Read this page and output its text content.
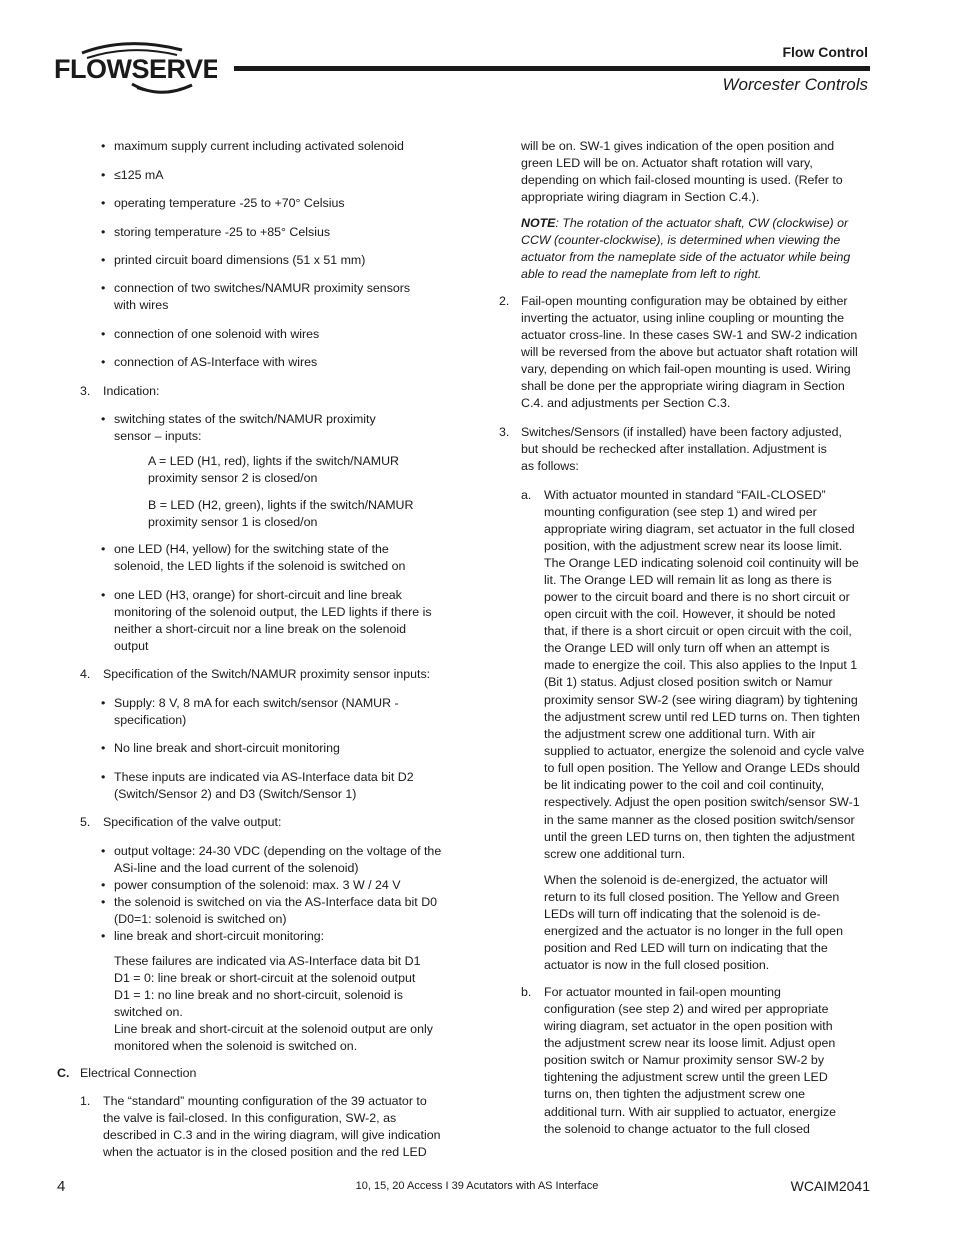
FLOWSERVE
Flow Control
Worcester Controls
• maximum supply current including activated solenoid
• ≤125 mA
• operating temperature -25 to +70° Celsius
• storing temperature -25 to +85° Celsius
• printed circuit board dimensions (51 x 51 mm)
• connection of two switches/NAMUR proximity sensors
with wires
• connection of one solenoid with wires
• connection of AS-Interface with wires
3. Indication:
• switching states of the switch/NAMUR proximity
sensor – inputs:
A = LED (H1, red), lights if the switch/NAMUR
proximity sensor 2 is closed/on
B = LED (H2, green), lights if the switch/NAMUR
proximity sensor 1 is closed/on
• one LED (H4, yellow) for the switching state of the
solenoid, the LED lights if the solenoid is switched on
• one LED (H3, orange) for short-circuit and line break
monitoring of the solenoid output, the LED lights if there is
neither a short-circuit nor a line break on the solenoid
output
4. Specification of the Switch/NAMUR proximity sensor inputs:
• Supply: 8 V, 8 mA for each switch/sensor (NAMUR -
specification)
• No line break and short-circuit monitoring
• These inputs are indicated via AS-Interface data bit D2
(Switch/Sensor 2) and D3 (Switch/Sensor 1)
5. Specification of the valve output:
• output voltage: 24-30 VDC (depending on the voltage of the
ASi-line and the load current of the solenoid)
• power consumption of the solenoid: max. 3 W / 24 V
• the solenoid is switched on via the AS-Interface data bit D0
(D0=1: solenoid is switched on)
• line break and short-circuit monitoring:
These failures are indicated via AS-Interface data bit D1
D1 = 0: line break or short-circuit at the solenoid output
D1 = 1: no line break and no short-circuit, solenoid is
switched on.
Line break and short-circuit at the solenoid output are only
monitored when the solenoid is switched on.
C. Electrical Connection
1. The “standard” mounting configuration of the 39 actuator to
the valve is fail-closed. In this configuration, SW-2, as
described in C.3 and in the wiring diagram, will give indication
when the actuator is in the closed position and the red LED
will be on. SW-1 gives indication of the open position and
green LED will be on. Actuator shaft rotation will vary,
depending on which fail-closed mounting is used. (Refer to
appropriate wiring diagram in Section C.4.).
NOTE: The rotation of the actuator shaft, CW (clockwise) or
CCW (counter-clockwise), is determined when viewing the
actuator from the nameplate side of the actuator while being
able to read the nameplate from left to right.
2. Fail-open mounting configuration may be obtained by either
inverting the actuator, using inline coupling or mounting the
actuator cross-line. In these cases SW-1 and SW-2 indication
will be reversed from the above but actuator shaft rotation will
vary, depending on which fail-open mounting is used. Wiring
shall be done per the appropriate wiring diagram in Section
C.4. and adjustments per Section C.3.
3. Switches/Sensors (if installed) have been factory adjusted,
but should be rechecked after installation. Adjustment is
as follows:
a. With actuator mounted in standard “FAIL-CLOSED”
mounting configuration (see step 1) and wired per
appropriate wiring diagram, set actuator in the full closed
position, with the adjustment screw near its loose limit.
The Orange LED indicating solenoid coil continuity will be
lit. The Orange LED will remain lit as long as there is
power to the circuit board and there is no short circuit or
open circuit with the coil. However, it should be noted
that, if there is a short circuit or open circuit with the coil,
the Orange LED will only turn off when an attempt is
made to energize the coil. This also applies to the Input 1
(Bit 1) status. Adjust closed position switch or Namur
proximity sensor SW-2 (see wiring diagram) by tightening
the adjustment screw until red LED turns on. Then tighten
the adjustment screw one additional turn. With air
supplied to actuator, energize the solenoid and cycle valve
to full open position. The Yellow and Orange LEDs should
be lit indicating power to the coil and coil continuity,
respectively. Adjust the open position switch/sensor SW-1
in the same manner as the closed position switch/sensor
until the green LED turns on, then tighten the adjustment
screw one additional turn.
When the solenoid is de-energized, the actuator will
return to its full closed position. The Yellow and Green
LEDs will turn off indicating that the solenoid is de-
energized and the actuator is no longer in the full open
position and Red LED will turn on indicating that the
actuator is now in the full closed position.
b. For actuator mounted in fail-open mounting
configuration (see step 2) and wired per appropriate
wiring diagram, set actuator in the open position with
the adjustment screw near its loose limit. Adjust open
position switch or Namur proximity sensor SW-2 by
tightening the adjustment screw until the green LED
turns on, then tighten the adjustment screw one
additional turn. With air supplied to actuator, energize
the solenoid to change actuator to the full closed
4	10, 15, 20 Access I 39 Acutators with AS Interface	WCAIM2041
